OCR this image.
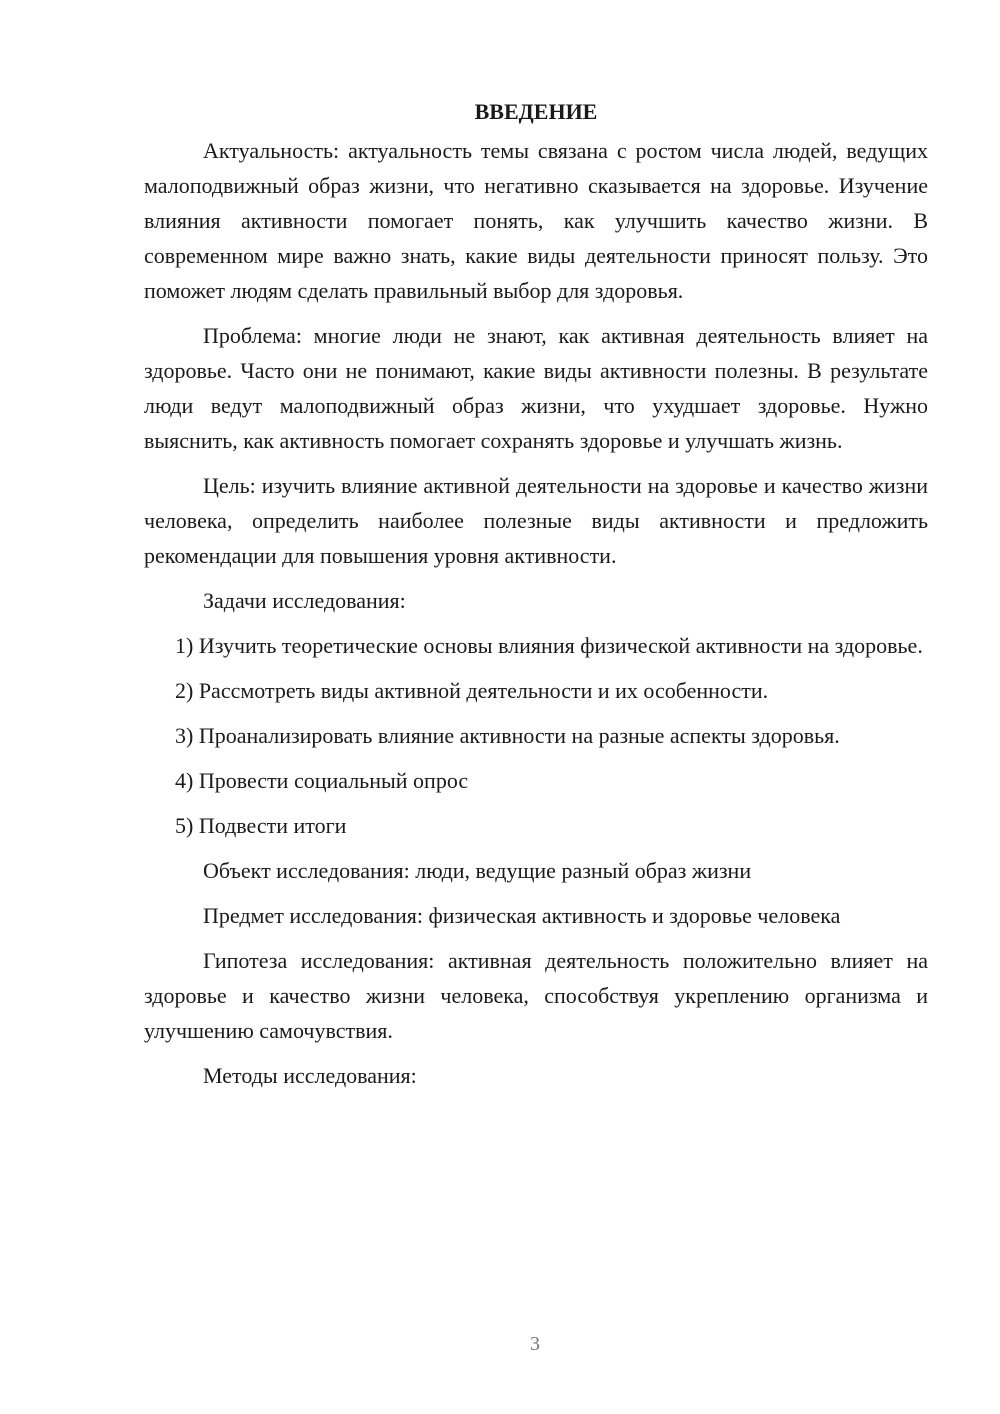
ВВЕДЕНИЕ

Актуальность: актуальность темы связана с ростом числа людей, ведущих малоподвижный образ жизни, что негативно сказывается на здоровье. Изучение влияния активности помогает понять, как улучшить качество жизни. В современном мире важно знать, какие виды деятельности приносят пользу. Это поможет людям сделать правильный выбор для здоровья.

Проблема: многие люди не знают, как активная деятельность влияет на здоровье. Часто они не понимают, какие виды активности полезны. В результате люди ведут малоподвижный образ жизни, что ухудшает здоровье. Нужно выяснить, как активность помогает сохранять здоровье и улучшать жизнь.

Цель: изучить влияние активной деятельности на здоровье и качество жизни человека, определить наиболее полезные виды активности и предложить рекомендации для повышения уровня активности.

Задачи исследования:

1) Изучить теоретические основы влияния физической активности на здоровье.

2) Рассмотреть виды активной деятельности и их особенности.

3) Проанализировать влияние активности на разные аспекты здоровья.

4) Провести социальный опрос

5) Подвести итоги

Объект исследования: люди, ведущие разный образ жизни

Предмет исследования: физическая активность и здоровье человека

Гипотеза исследования: активная деятельность положительно влияет на здоровье и качество жизни человека, способствуя укреплению организма и улучшению самочувствия.

Методы исследования:

3
